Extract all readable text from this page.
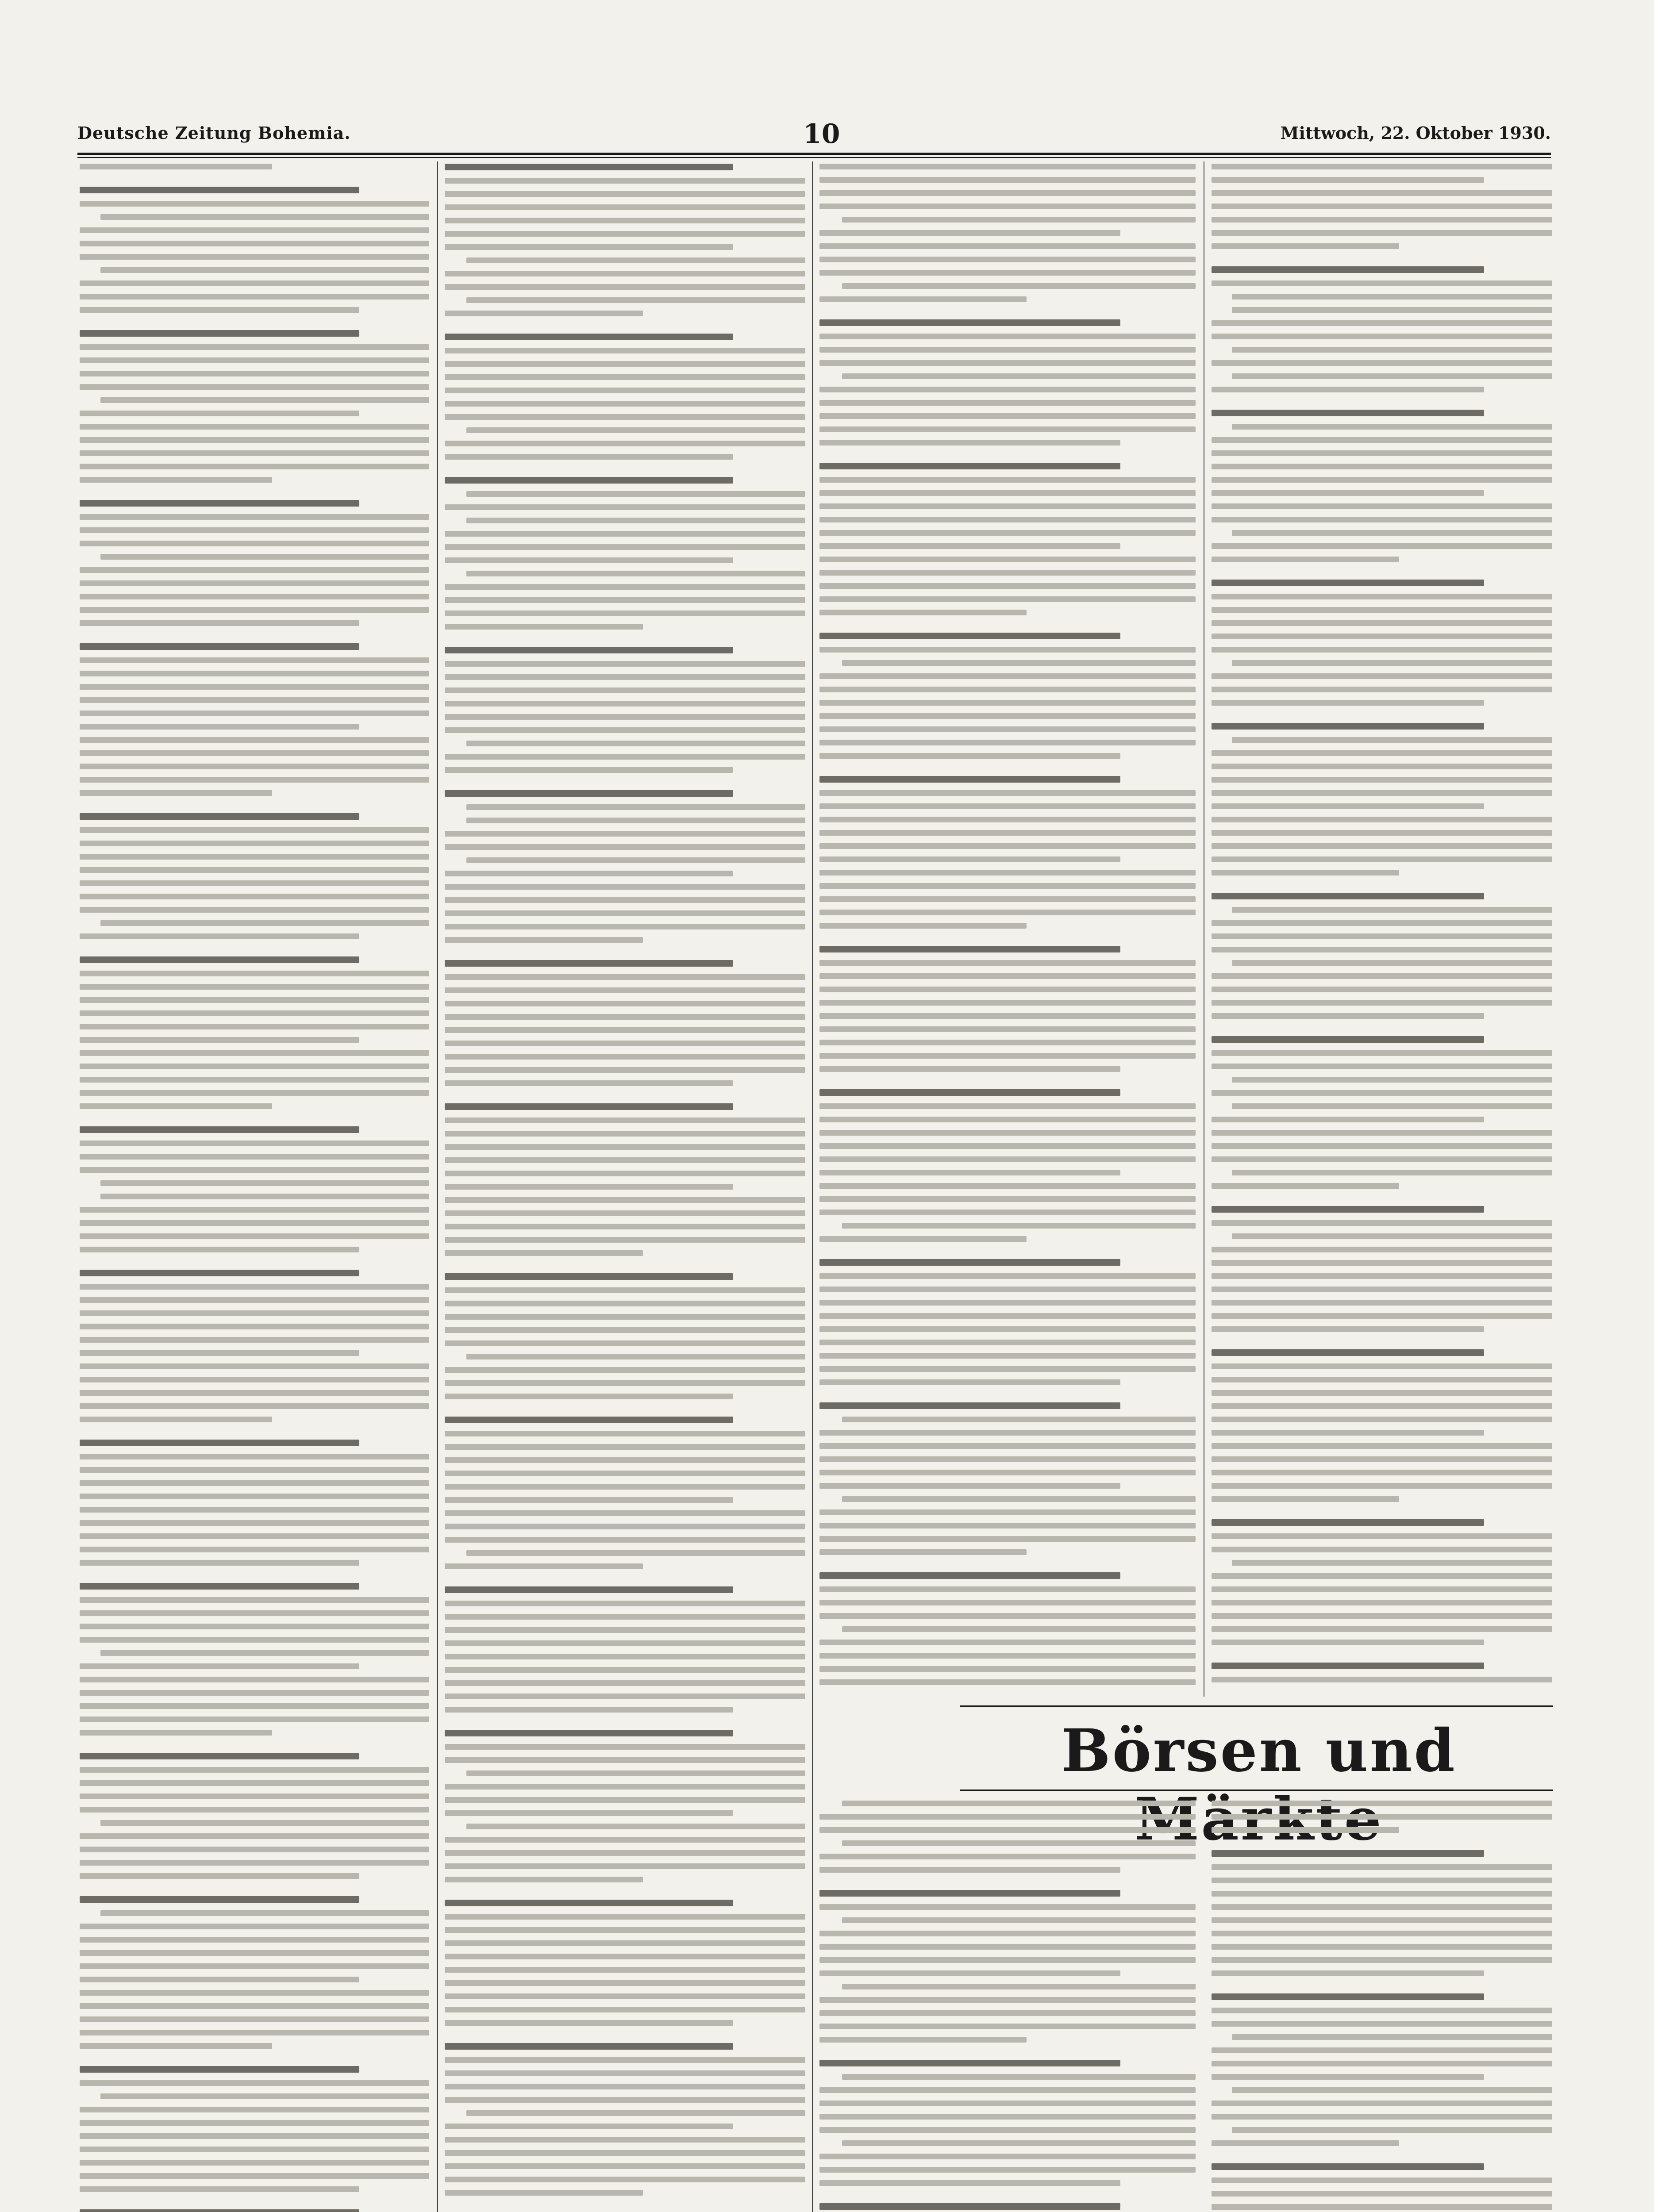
Deutsche Zeitung Bohemia.	10	Mittwoch, 22. Oktober 1930.
Börsen und
